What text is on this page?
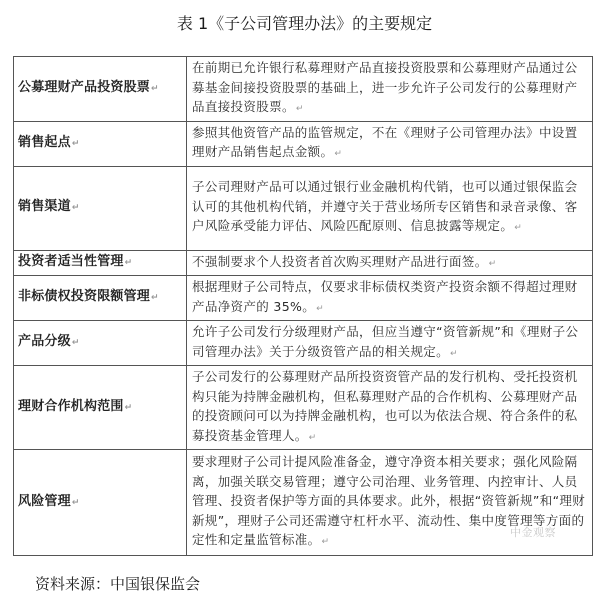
表 1《子公司管理办法》的主要规定
公募理财产品投资股票↵	在前期已允许银行私募理财产品直接投资股票和公募理财产品通过公募基金间接投资股票的基础上，进一步允许子公司发行的公募理财产品直接投资股票。↵
销售起点↵	参照其他资管产品的监管规定，不在《理财子公司管理办法》中设置理财产品销售起点金额。↵
销售渠道↵	子公司理财产品可以通过银行业金融机构代销，也可以通过银保监会认可的其他机构代销，并遵守关于营业场所专区销售和录音录像、客户风险承受能力评估、风险匹配原则、信息披露等规定。↵
投资者适当性管理↵	不强制要求个人投资者首次购买理财产品进行面签。↵
非标债权投资限额管理↵	根据理财子公司特点，仅要求非标债权类资产投资余额不得超过理财产品净资产的 35%。↵
产品分级↵	允许子公司发行分级理财产品，但应当遵守“资管新规”和《理财子公司管理办法》关于分级资管产品的相关规定。↵
理财合作机构范围↵	子公司发行的公募理财产品所投资资管产品的发行机构、受托投资机构只能为持牌金融机构，但私募理财产品的合作机构、公募理财产品的投资顾问可以为持牌金融机构，也可以为依法合规、符合条件的私募投资基金管理人。↵
风险管理↵	要求理财子公司计提风险准备金，遵守净资本相关要求；强化风险隔离，加强关联交易管理；遵守公司治理、业务管理、内控审计、人员管理、投资者保护等方面的具体要求。此外，根据“资管新规”和“理财新规”，理财子公司还需遵守杠杆水平、流动性、集中度管理等方面的定性和定量监管标准。↵
中金观察
资料来源：中国银保监会
